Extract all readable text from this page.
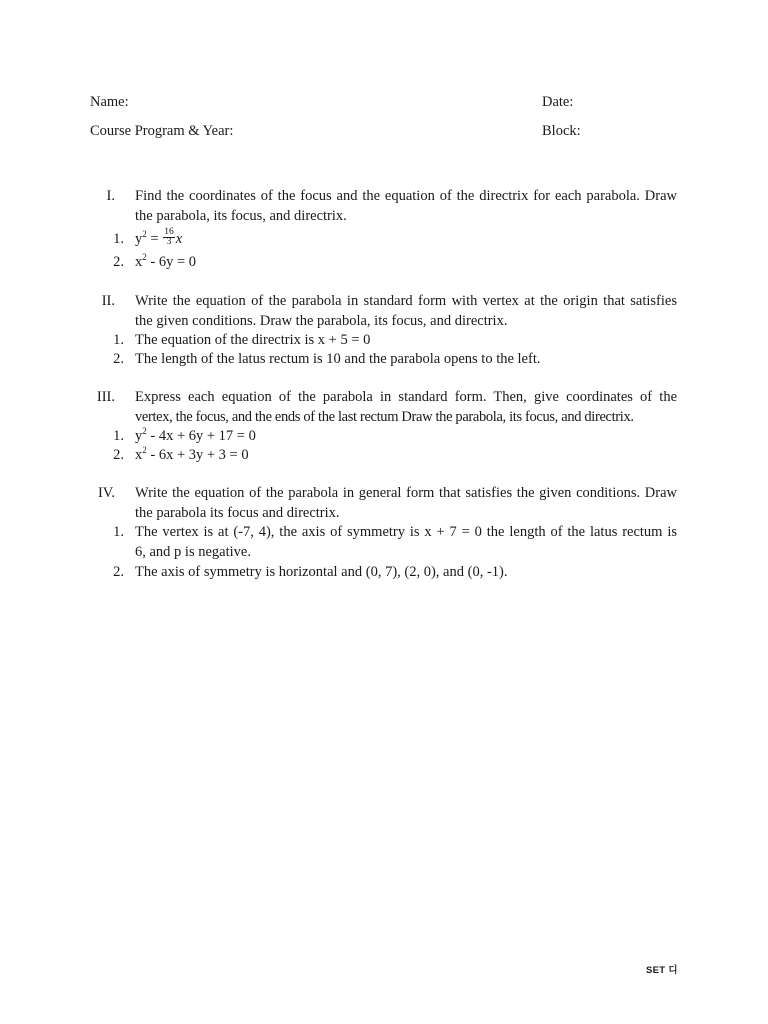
Name:	Date:
Course Program & Year:	Block:
I. Find the coordinates of the focus and the equation of the directrix for each parabola. Draw
the parabola, its focus, and directrix.
1. $y^2 = \frac{16}{3}$ x
2. $x^2 - 6y = 0$
II. Write the equation of the parabola in standard form with vertex at the origin that satisfies
the given conditions. Draw the parabola, its focus, and directrix.
1. The equation of the directrix is x + 5 = 0
2. The length of the latus rectum is 10 and the parabola opens to the left.
III. Express each equation of the parabola in standard form. Then, give coordinates of the
vertex, the focus, and the ends of the last rectum Draw the parabola, its focus, and directrix.
1. $y^2 - 4x + 6y + 17 = 0$
2. $x^2 - 6x + 3y + 3 = 0$
IV. Write the equation of the parabola in general form that satisfies the given conditions. Draw
the parabola its focus and directrix.
1. The vertex is at (-7, 4), the axis of symmetry is x + 7 = 0 the length of the latus rectum is
6, and p is negative.
2. The axis of symmetry is horizontal and (0, 7), (2, 0), and (0, -1).
SET 디
